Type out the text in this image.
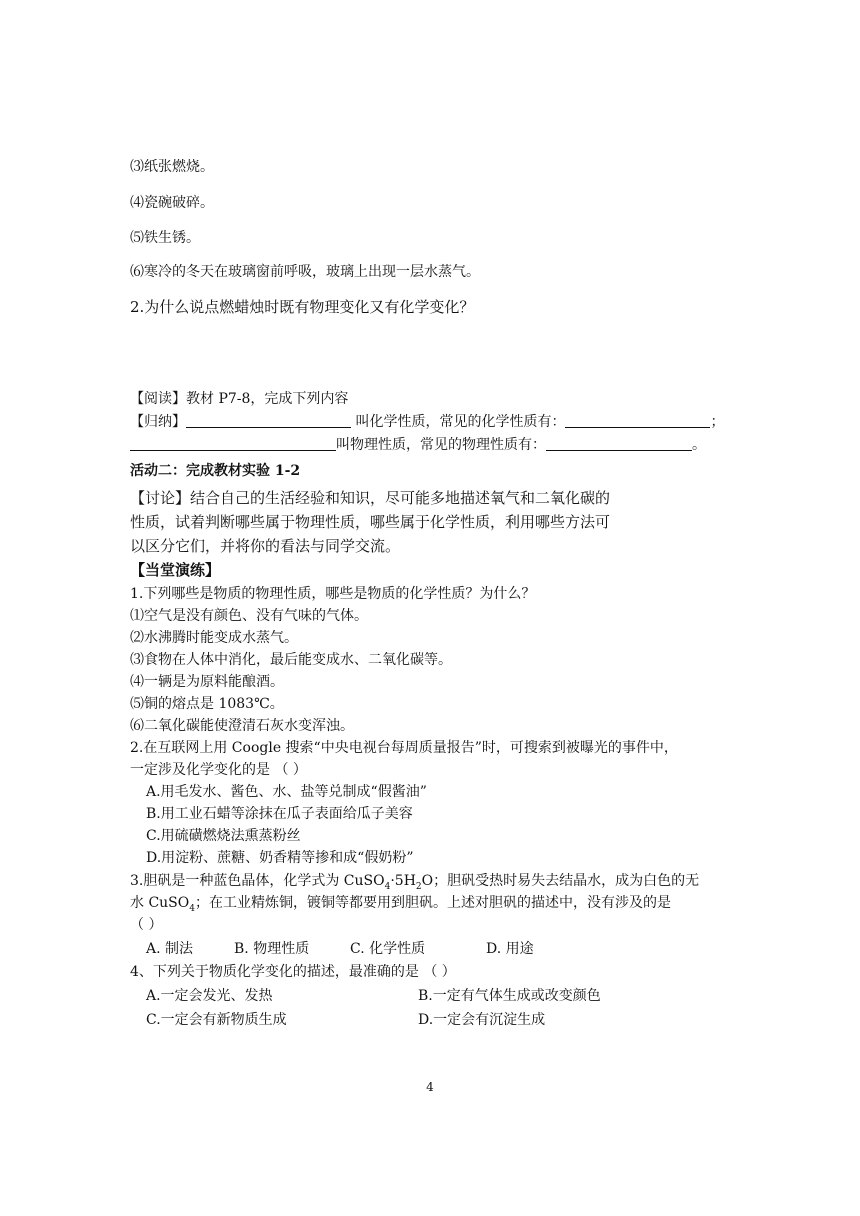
⑶纸张燃烧。
⑷瓷碗破碎。
⑸铁生锈。
⑹寒冷的冬天在玻璃窗前呼吸，玻璃上出现一层水蒸气。
2.为什么说点燃蜡烛时既有物理变化又有化学变化？
【阅读】教材 P7-8，完成下列内容
【归纳】	叫化学性质，常见的化学性质有：	；
叫物理性质，常见的物理性质有：	。
活动二：完成教材实验 1-2
【讨论】结合自己的生活经验和知识，尽可能多地描述氧气和二氧化碳的
性质，试着判断哪些属于物理性质，哪些属于化学性质，利用哪些方法可
以区分它们，并将你的看法与同学交流。
【当堂演练】
1.下列哪些是物质的物理性质，哪些是物质的化学性质？为什么？
⑴空气是没有颜色、没有气味的气体。
⑵水沸腾时能变成水蒸气。
⑶食物在人体中消化，最后能变成水、二氧化碳等。
⑷一辆是为原料能酿酒。
⑸铜的熔点是 1083℃。
⑹二氧化碳能使澄清石灰水变浑浊。
2.在互联网上用 Coogle 搜索“中央电视台每周质量报告”时，可搜索到被曝光的事件中，
一定涉及化学变化的是 （ ）
A.用毛发水、酱色、水、盐等兑制成“假酱油”
B.用工业石蜡等涂抹在瓜子表面给瓜子美容
C.用硫磺燃烧法熏蒸粉丝
D.用淀粉、蔗糖、奶香精等掺和成“假奶粉”
3.胆矾是一种蓝色晶体，化学式为 $CuSO_4\cdot 5H_2O$；胆矾受热时易失去结晶水，成为白色的无
水 CuSO$_4$；在工业精炼铜，镀铜等都要用到胆矾。上述对胆矾的描述中，没有涉及的是
（ ）
A. 制法	B. 物理性质	C. 化学性质	D. 用途
4、下列关于物质化学变化的描述，最准确的是 （ ）
A.一定会发光、发热	B.一定有气体生成或改变颜色
C.一定会有新物质生成	D.一定会有沉淀生成
4
